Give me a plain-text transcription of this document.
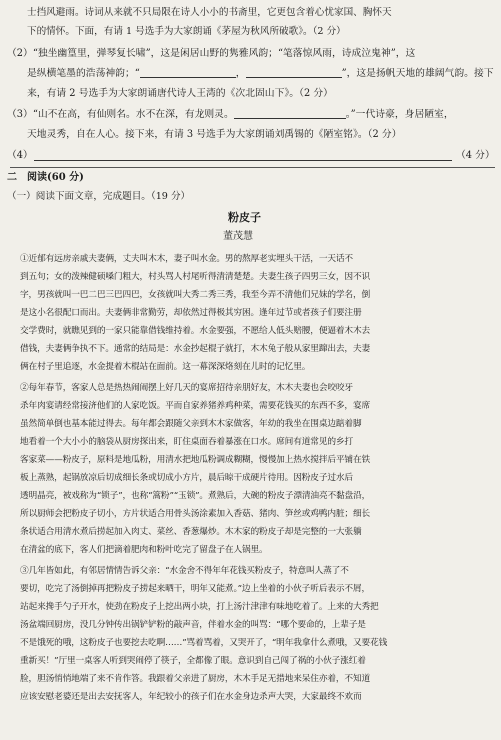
士挡风避雨。诗词从来就不只局限在诗人小小的书斋里，它更包含着心忧家国、胸怀天
下的情怀。下面，有请 1 号选手为大家朗诵《茅屋为秋风所破歌》。（2 分）
（2）“独坐幽篁里，弹琴复长啸”，这是闲居山野的隽雅风韵；“笔落惊风雨，诗成泣鬼神”，这
是纵横笔墨的浩荡神韵；“	，	”，这是扬帆天地的雄阔气韵。接下
来，有请 2 号选手为大家朗诵唐代诗人王湾的《次北固山下》。（2 分）
（3）“山不在高，有仙则名。水不在深，有龙则灵。	。”一代诗豪，身居陋室，
天地灵秀，自在人心。接下来，有请 3 号选手为大家朗诵刘禹锡的《陋室铭》。（2 分）
（4）	（4 分）
二　阅读(60 分)
（一）阅读下面文章，完成题目。（19 分）
粉皮子
董茂慧
①近郁有远房亲戚夫妻俩，丈夫叫木木，妻子叫水金。男的熬厚老实埋头干活，一天话不
到五句；女的泼辣健硕嗓门粗大，村头骂人村尾听得清清楚楚。夫妻生孩子四男三女，因不识
字，男孩就叫一巴二巴三巴四巴，女孩就叫大秀二秀三秀，我至今弄不清他们兄妹的学名，倒
是这小名很配口而出。夫妻俩非常勤劳，却依然过得极其穷困。逢年过节或者孩子们要注册
交学费时，就瞧见到的一家只能靠借钱维持着。水金要强，不愿给人低头赔腰，便逼着木木去
借钱，夫妻俩争执不下。通常的结局是：水金抄起棍子就打，木木兔子般从家里蹿出去，夫妻
俩在村子里追逐，水金提着木棍站在面前。这一幕深深烙刻在儿时的记忆里。
②每年春节，客家人总是热热闹闹摆上好几天的宴席招待亲朋好友，木木夫妻也会咬咬牙
杀年肉宴请经常接济他们的人家吃饭。平而自家养猪养鸡种菜，需要花钱买的东西不多，宴席
虽然简单倒也基本能过得去。每年都会跟随父亲到木木家做客，年幼的我坐在围桌边踮着脚
地看着一个大小小的脑袋从厨房探出来，盯住桌面吞着暴涨在口水。席间有道常见的乡打
客家菜——粉皮子，原料是地瓜粉，用清水把地瓜粉调成糊糊，慢慢加上热水搅拌后平铺在铁
板上蒸熟，起锅放凉后切成细长条或切成小方片，晨后晾干成硬片待用。因粉皮子过水后
透明晶亮，被戏称为“锁子”，也称“篙粉”“玉锁”。煮熟后，大碗的粉皮子漂清油亮不黏盘沿，
所以厨师会把粉皮子切小，方片状适合用骨头汤涂素加入香菇、猪肉、笋丝或鸡鸭内脏；细长
条状适合用清水煮后捞起加入肉丈、菜丝、香葱爆炒。木木家的粉皮子却是完整的一大张躺
在清盆的底下，客人们把滴着肥肉和粉叶吃完了留盘子在人锅里。
③几年皆如此，有邻居情情告诉父亲：“水金舍不得年年花钱买粉皮子，特意叫人蒸了不
要切，吃完了汤倒掉再把粉皮子捞起来晒干，明年又能煮。”边上坐着的小伙子听后表示不屑，
站起来搀手勺子开水，使劲在粉皮子上挖出两小块，打上汤汁津津有味地吃着了。上来的大秀把
汤盆端回厨房，没几分钟传出锅铲铲粉的敲声音，伴着水金的叫骂：“哪个要命的，上辈子是
不是饿死的哦，这粉皮子也要挖去吃啊……”骂着骂着，又哭开了，“明年我拿什么煮哦，又要花钱
重新买！”厅里一桌客人听到哭闹停了筷子，全都像了眼。意识到自己闯了祸的小伙子涨红着
脸，胆汤悄悄地端了来不肯作答。我跟着父亲进了厨房，木木手足无措地来呆住亦着，不知道
应该安慰老婆还是出去安抚客人，年纪较小的孩子们在水金身边杀声大哭，大家最终不欢而
